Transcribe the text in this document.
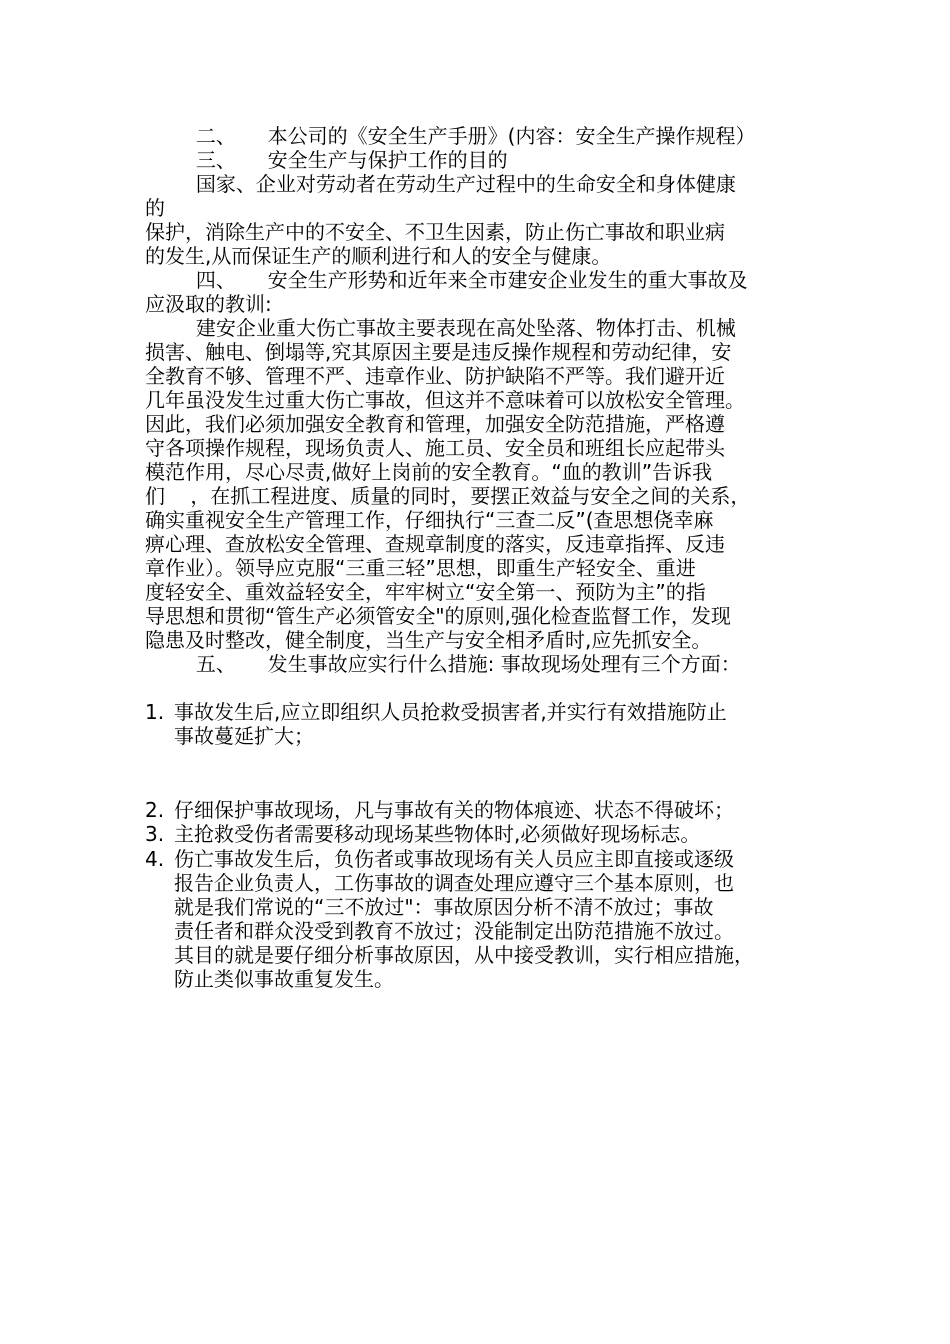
二、     本公司的《安全生产手册》(内容：安全生产操作规程）
三、     安全生产与保护工作的目的
国家、企业对劳动者在劳动生产过程中的生命安全和身体健康
的
保护，消除生产中的不安全、不卫生因素，防止伤亡事故和职业病
的发生,从而保证生产的顺利进行和人的安全与健康。
四、     安全生产形势和近年来全市建安企业发生的重大事故及
应汲取的教训:
建安企业重大伤亡事故主要表现在高处坠落、物体打击、机械
损害、触电、倒塌等,究其原因主要是违反操作规程和劳动纪律，安
全教育不够、管理不严、违章作业、防护缺陷不严等。我们避开近
几年虽没发生过重大伤亡事故，但这并不意味着可以放松安全管理。
因此，我们必须加强安全教育和管理，加强安全防范措施，严格遵
守各项操作规程，现场负责人、施工员、安全员和班组长应起带头
模范作用，尽心尽责,做好上岗前的安全教育。“血的教训”告诉我
们    ，在抓工程进度、质量的同时，要摆正效益与安全之间的关系，
确实重视安全生产管理工作，仔细执行“三查二反”(查思想侥幸麻
痹心理、查放松安全管理、查规章制度的落实，反违章指挥、反违
章作业）。领导应克服“三重三轻”思想，即重生产轻安全、重进
度轻安全、重效益轻安全，牢牢树立“安全第一、预防为主”的指
导思想和贯彻“管生产必须管安全"的原则,强化检查监督工作，发现
隐患及时整改，健全制度，当生产与安全相矛盾时,应先抓安全。
五、     发生事故应实行什么措施: 事故现场处理有三个方面：
1. 事故发生后,应立即组织人员抢救受损害者,并实行有效措施防止
事故蔓延扩大；
2. 仔细保护事故现场，凡与事故有关的物体痕迹、状态不得破坏；
3. 主抢救受伤者需要移动现场某些物体时,必须做好现场标志。
4. 伤亡事故发生后，负伤者或事故现场有关人员应主即直接或逐级
报告企业负责人，工伤事故的调查处理应遵守三个基本原则，也
就是我们常说的“三不放过"：事故原因分析不清不放过；事故
责任者和群众没受到教育不放过；没能制定出防范措施不放过。
其目的就是要仔细分析事故原因，从中接受教训，实行相应措施，
防止类似事故重复发生。
